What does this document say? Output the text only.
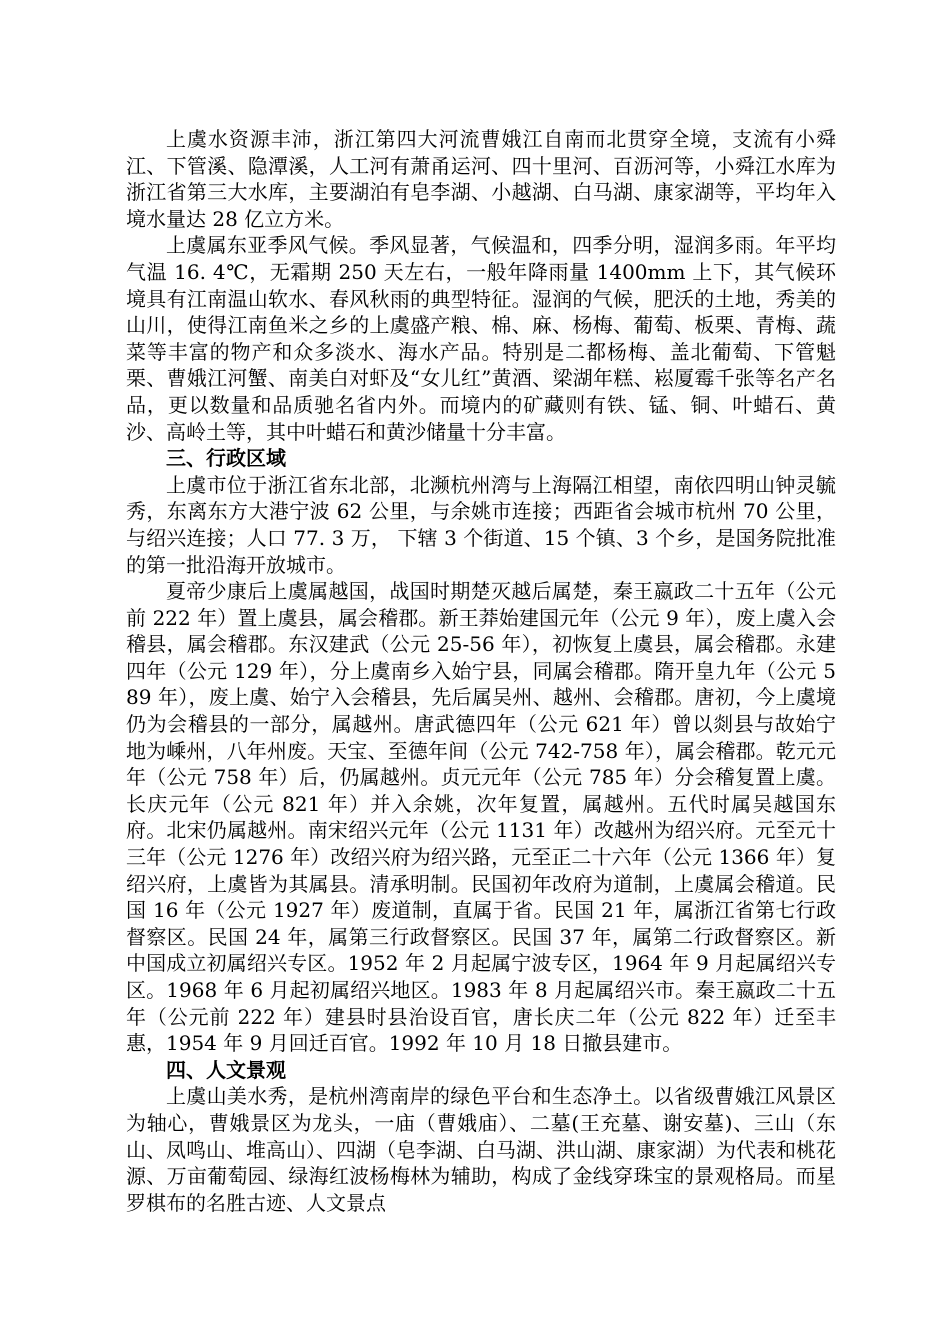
上虞水资源丰沛，浙江第四大河流曹娥江自南而北贯穿全境，支流有小舜江、下管溪、隐潭溪，人工河有萧甬运河、四十里河、百沥河等，小舜江水库为浙江省第三大水库，主要湖泊有皂李湖、小越湖、白马湖、康家湖等，平均年入境水量达 28 亿立方米。

上虞属东亚季风气候。季风显著，气候温和，四季分明，湿润多雨。年平均气温 16. 4℃，无霜期 250 天左右，一般年降雨量 1400mm 上下，其气候环境具有江南温山软水、春风秋雨的典型特征。湿润的气候，肥沃的土地，秀美的山川，使得江南鱼米之乡的上虞盛产粮、棉、麻、杨梅、葡萄、板栗、青梅、蔬菜等丰富的物产和众多淡水、海水产品。特别是二都杨梅、盖北葡萄、下管魁栗、曹娥江河蟹、南美白对虾及“女儿红”黄酒、梁湖年糕、崧厦霉千张等名产名品，更以数量和品质驰名省内外。而境内的矿藏则有铁、锰、铜、叶蜡石、黄沙、高岭土等，其中叶蜡石和黄沙储量十分丰富。

三、行政区域

上虞市位于浙江省东北部，北濒杭州湾与上海隔江相望，南依四明山钟灵毓秀，东离东方大港宁波 62 公里，与余姚市连接；西距省会城市杭州 70 公里，与绍兴连接；人口 77. 3 万， 下辖 3 个街道、15 个镇、3 个乡，是国务院批准的第一批沿海开放城市。

夏帝少康后上虞属越国，战国时期楚灭越后属楚，秦王嬴政二十五年（公元前 222 年）置上虞县，属会稽郡。新王莽始建国元年（公元 9 年），废上虞入会稽县，属会稽郡。东汉建武（公元 25-56 年），初恢复上虞县，属会稽郡。永建四年（公元 129 年），分上虞南乡入始宁县，同属会稽郡。隋开皇九年（公元 589 年），废上虞、始宁入会稽县，先后属吴州、越州、会稽郡。唐初，今上虞境仍为会稽县的一部分，属越州。唐武德四年（公元 621 年）曾以剡县与故始宁地为嵊州，八年州废。天宝、至德年间（公元 742-758 年），属会稽郡。乾元元年（公元 758 年）后，仍属越州。贞元元年（公元 785 年）分会稽复置上虞。长庆元年（公元 821 年）并入余姚，次年复置，属越州。五代时属吴越国东府。北宋仍属越州。南宋绍兴元年（公元 1131 年）改越州为绍兴府。元至元十三年（公元 1276 年）改绍兴府为绍兴路，元至正二十六年（公元 1366 年）复绍兴府，上虞皆为其属县。清承明制。民国初年改府为道制，上虞属会稽道。民国 16 年（公元 1927 年）废道制，直属于省。民国 21 年，属浙江省第七行政督察区。民国 24 年，属第三行政督察区。民国 37 年，属第二行政督察区。新中国成立初属绍兴专区。1952 年 2 月起属宁波专区，1964 年 9 月起属绍兴专区。1968 年 6 月起初属绍兴地区。1983 年 8 月起属绍兴市。秦王嬴政二十五年（公元前 222 年）建县时县治设百官，唐长庆二年（公元 822 年）迁至丰惠，1954 年 9 月回迁百官。1992 年 10 月 18 日撤县建市。

四、人文景观

上虞山美水秀，是杭州湾南岸的绿色平台和生态净土。以省级曹娥江风景区为轴心，曹娥景区为龙头，一庙（曹娥庙）、二墓(王充墓、谢安墓)、三山（东山、凤鸣山、堆高山）、四湖（皂李湖、白马湖、洪山湖、康家湖）为代表和桃花源、万亩葡萄园、绿海红波杨梅林为辅助，构成了金线穿珠宝的景观格局。而星罗棋布的名胜古迹、人文景点
